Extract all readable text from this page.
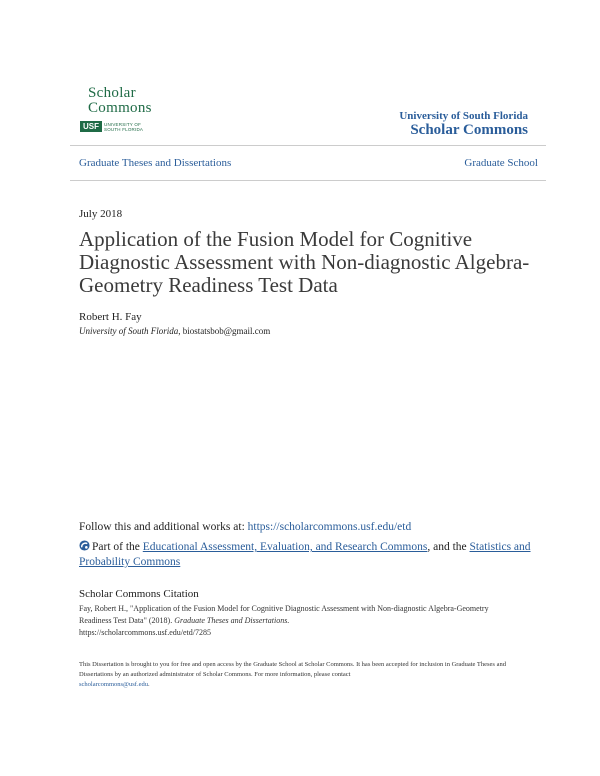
Scholar
Commons
USF	UNIVERSITY OF
SOUTH FLORIDA
University of South Florida
Scholar Commons
Graduate Theses and Dissertations	Graduate School
July 2018
Application of the Fusion Model for Cognitive Diagnostic Assessment with Non-diagnostic Algebra-Geometry Readiness Test Data
Robert H. Fay
University of South Florida, biostatsbob@gmail.com
Follow this and additional works at: https://scholarcommons.usf.edu/etd
Part of the Educational Assessment, Evaluation, and Research Commons, and the Statistics and Probability Commons
Scholar Commons Citation
Fay, Robert H., "Application of the Fusion Model for Cognitive Diagnostic Assessment with Non-diagnostic Algebra-Geometry Readiness Test Data" (2018). Graduate Theses and Dissertations.
https://scholarcommons.usf.edu/etd/7285
This Dissertation is brought to you for free and open access by the Graduate School at Scholar Commons. It has been accepted for inclusion in Graduate Theses and Dissertations by an authorized administrator of Scholar Commons. For more information, please contact
scholarcommons@usf.edu.
